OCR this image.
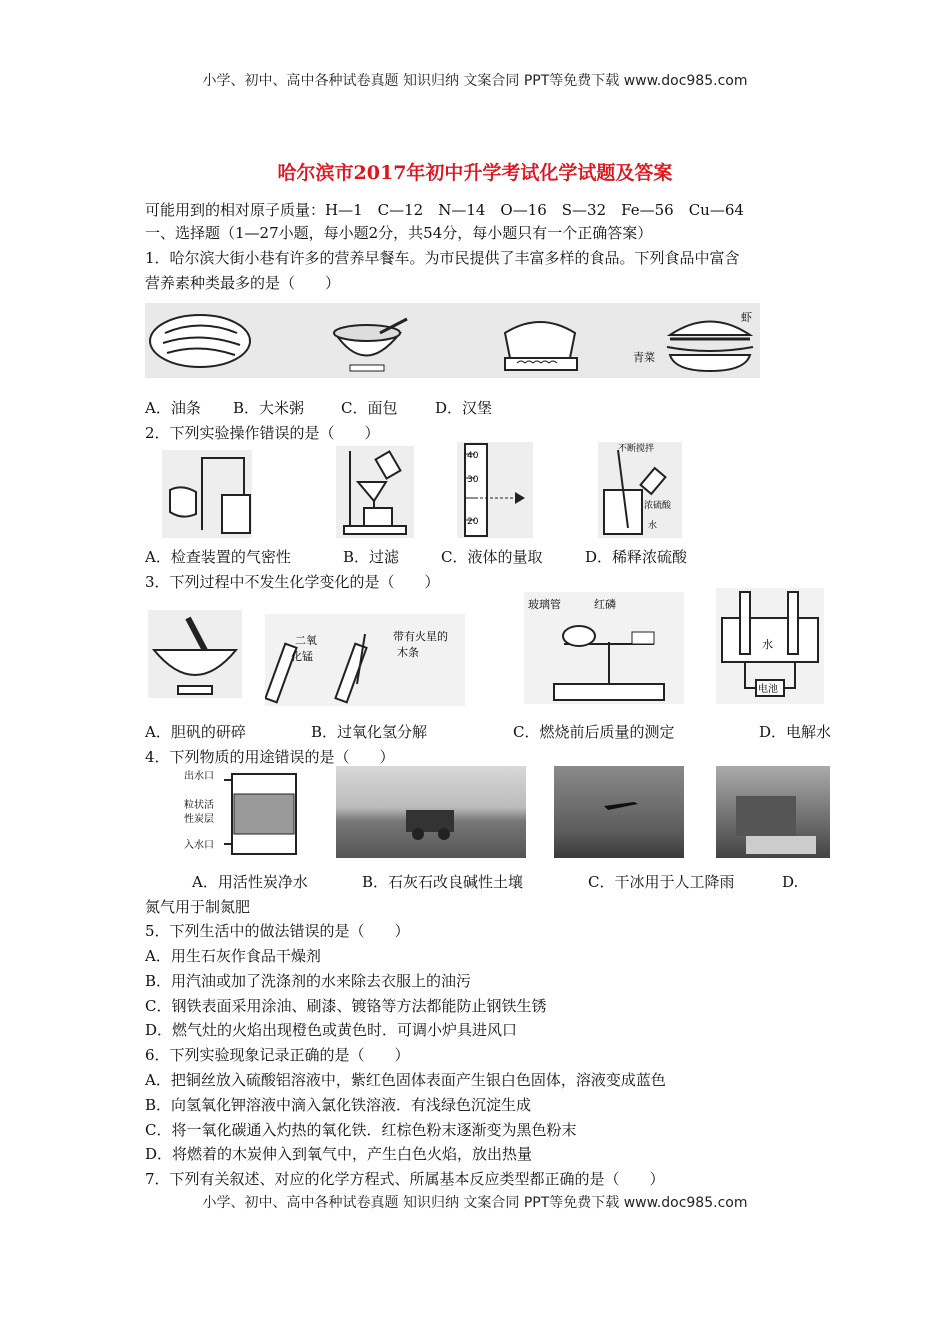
小学、初中、高中各种试卷真题 知识归纳 文案合同 PPT等免费下载 www.doc985.com
小学、初中、高中各种试卷真题 知识归纳 文案合同 PPT等免费下载 www.doc985.com
哈尔滨市2017年初中升学考试化学试题及答案
可能用到的相对原子质量：H—1　C—12　N—14　O—16　S—32　Fe—56　Cu—64
一、选择题（1—27小题，每小题2分，共54分，每小题只有一个正确答案）
1．哈尔滨大街小巷有许多的营养早餐车。为市民提供了丰富多样的食品。下列食品中富含
营养素种类最多的是（　　）
虾
青菜
A．油条 B．大米粥 C．面包	D．汉堡
2．下列实验操作错误的是（　　）
40
30
20
不断搅拌
浓硫酸
水
A．检查装置的气密性	B．过滤	C．液体的量取	D．稀释浓硫酸
3．下列过程中不发生化学变化的是（　　）
二氧
化锰
带有火星的
木条
玻璃管	红磷
水
电池
A．胆矾的研碎	B．过氧化氢分解	C．燃烧前后质量的测定	D．电解水
4．下列物质的用途错误的是（　　）
出水口
粒状活
性炭层
入水口
A．用活性炭净水	B．石灰石改良碱性土壤	C．干冰用于人工降雨	D.
氮气用于制氮肥
5．下列生活中的做法错误的是（　　）
A．用生石灰作食品干燥剂
B．用汽油或加了洗涤剂的水来除去衣服上的油污
C．钢铁表面采用涂油、刷漆、镀铬等方法都能防止钢铁生锈
D．燃气灶的火焰出现橙色或黄色时．可调小炉具进风口
6．下列实验现象记录正确的是（　　）
A．把铜丝放入硫酸铝溶液中，紫红色固体表面产生银白色固体，溶液变成蓝色
B．向氢氧化钾溶液中滴入氯化铁溶液．有浅绿色沉淀生成
C．将一氧化碳通入灼热的氧化铁．红棕色粉末逐渐变为黑色粉末
D．将燃着的木炭伸入到氧气中，产生白色火焰，放出热量
7．下列有关叙述、对应的化学方程式、所属基本反应类型都正确的是（　　）
